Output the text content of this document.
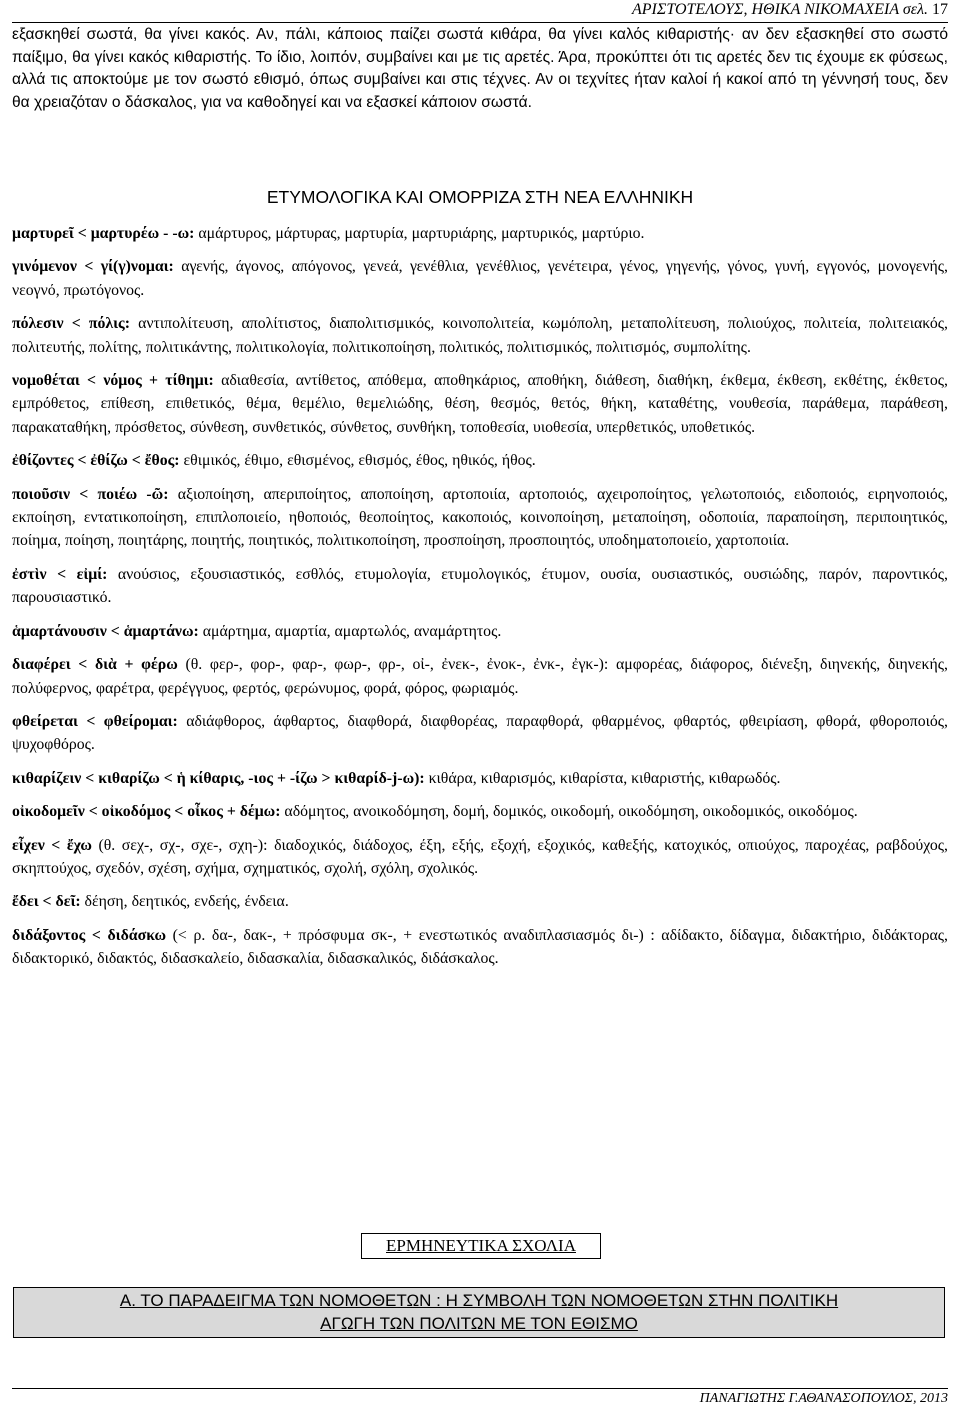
ΑΡΙΣΤΟΤΕΛΟΥΣ, ΗΘΙΚΑ ΝΙΚΟΜΑΧΕΙΑ σελ. 17

εξασκηθεί σωστά, θα γίνει κακός. Αν, πάλι, κάποιος παίζει σωστά κιθάρα, θα γίνει καλός κιθαριστής· αν δεν εξασκηθεί στο σωστό παίξιμο, θα γίνει κακός κιθαριστής. Το ίδιο, λοιπόν, συμβαίνει και με τις αρετές. Άρα, προκύπτει ότι τις αρετές δεν τις έχουμε εκ φύσεως, αλλά τις αποκτούμε με τον σωστό εθισμό, όπως συμβαίνει και στις τέχνες. Αν οι τεχνίτες ήταν καλοί ή κακοί από τη γέννησή τους, δεν θα χρειαζόταν ο δάσκαλος, για να καθοδηγεί και να εξασκεί κάποιον σωστά.

ΕΤΥΜΟΛΟΓΙΚΑ ΚΑΙ ΟΜΟΡΡΙΖΑ ΣΤΗ ΝΕΑ ΕΛΛΗΝΙΚΗ

μαρτυρεῖ < μαρτυρέω - -ω: αμάρτυρος, μάρτυρας, μαρτυρία, μαρτυριάρης, μαρτυρικός, μαρτύριο.

γινόμενον < γί(γ)νομαι: αγενής, άγονος, απόγονος, γενεά, γενέθλια, γενέθλιος, γενέτειρα, γένος, γηγενής, γόνος, γυνή, εγγονός, μονογενής, νεογνό, πρωτόγονος.

πόλεσιν < πόλις: αντιπολίτευση, απολίτιστος, διαπολιτισμικός, κοινοπολιτεία, κωμόπολη, μεταπολίτευση, πολιούχος, πολιτεία, πολιτειακός, πολιτευτής, πολίτης, πολιτικάντης, πολιτικολογία, πολιτικοποίηση, πολιτικός, πολιτισμικός, πολιτισμός, συμπολίτης.

νομοθέται < νόμος + τίθημι: αδιαθεσία, αντίθετος, απόθεμα, αποθηκάριος, αποθήκη, διάθεση, διαθήκη, έκθεμα, έκθεση, εκθέτης, έκθετος, εμπρόθετος, επίθεση, επιθετικός, θέμα, θεμέλιο, θεμελιώδης, θέση, θεσμός, θετός, θήκη, καταθέτης, νουθεσία, παράθεμα, παράθεση, παρακαταθήκη, πρόσθετος, σύνθεση, συνθετικός, σύνθετος, συνθήκη, τοποθεσία, υιοθεσία, υπερθετικός, υποθετικός.

ἐθίζοντες < ἐθίζω < ἔθος: εθιμικός, έθιμο, εθισμένος, εθισμός, έθος, ηθικός, ήθος.

ποιοῦσιν < ποιέω -ῶ: αξιοποίηση, απεριποίητος, αποποίηση, αρτοποιία, αρτοποιός, αχειροποίητος, γελωτοποιός, ειδοποιός, ειρηνοποιός, εκποίηση, εντατικοποίηση, επιπλοποιείο, ηθοποιός, θεοποίητος, κακοποιός, κοινοποίηση, μεταποίηση, οδοποιία, παραποίηση, περιποιητικός, ποίημα, ποίηση, ποιητάρης, ποιητής, ποιητικός, πολιτικοποίηση, προσποίηση, προσποιητός, υποδηματοποιείο, χαρτοποιία.

ἐστὶν < εἰμί: ανούσιος, εξουσιαστικός, εσθλός, ετυμολογία, ετυμολογικός, έτυμον, ουσία, ουσιαστικός, ουσιώδης, παρόν, παροντικός, παρουσιαστικό.

ἁμαρτάνουσιν < ἁμαρτάνω: αμάρτημα, αμαρτία, αμαρτωλός, αναμάρτητος.

διαφέρει < διὰ + φέρω (θ. φερ-, φορ-, φαρ-, φωρ-, φρ-, οἰ-, ἐνεκ-, ἐνοκ-, ἐνκ-, ἐγκ-): αμφορέας, διάφορος, διένεξη, διηνεκής, διηνεκής, πολύφερνος, φαρέτρα, φερέγγυος, φερτός, φερώνυμος, φορά, φόρος, φωριαμός.

φθείρεται < φθείρομαι: αδιάφθορος, άφθαρτος, διαφθορά, διαφθορέας, παραφθορά, φθαρμένος, φθαρτός, φθειρίαση, φθορά, φθοροποιός, ψυχοφθόρος.

κιθαρίζειν < κιθαρίζω < ἡ κίθαρις, -ιος + -ίζω > κιθαρίδ-j-ω): κιθάρα, κιθαρισμός, κιθαρίστα, κιθαριστής, κιθαρωδός.

οἰκοδομεῖν < οἰκοδόμος < οἶκος + δέμω: αδόμητος, ανοικοδόμηση, δομή, δομικός, οικοδομή, οικοδόμηση, οικοδομικός, οικοδόμος.

εἶχεν < ἔχω (θ. σεχ-, σχ-, σχε-, σχη-): διαδοχικός, διάδοχος, έξη, εξής, εξοχή, εξοχικός, καθεξής, κατοχικός, οπιούχος, παροχέας, ραβδούχος, σκηπτούχος, σχεδόν, σχέση, σχήμα, σχηματικός, σχολή, σχόλη, σχολικός.

ἔδει < δεῖ: δέηση, δεητικός, ενδεής, ένδεια.

διδάξοντος < διδάσκω (< ρ. δα-, δακ-, + πρόσφυμα σκ-, + ενεστωτικός αναδιπλασιασμός δι-) : αδίδακτο, δίδαγμα, διδακτήριο, διδάκτορας, διδακτορικό, διδακτός, διδασκαλείο, διδασκαλία, διδασκαλικός, διδάσκαλος.

ΕΡΜΗΝΕΥΤΙΚΑ ΣΧΟΛΙΑ
Α. ΤΟ ΠΑΡΑΔΕΙΓΜΑ ΤΩΝ ΝΟΜΟΘΕΤΩΝ : Η ΣΥΜΒΟΛΗ ΤΩΝ ΝΟΜΟΘΕΤΩΝ ΣΤΗΝ ΠΟΛΙΤΙΚΗ
ΑΓΩΓΗ ΤΩΝ ΠΟΛΙΤΩΝ ΜΕ ΤΟΝ ΕΘΙΣΜΟ
ΠΑΝΑΓΙΩΤΗΣ Γ.ΑΘΑΝΑΣΟΠΟΥΛΟΣ, 2013
